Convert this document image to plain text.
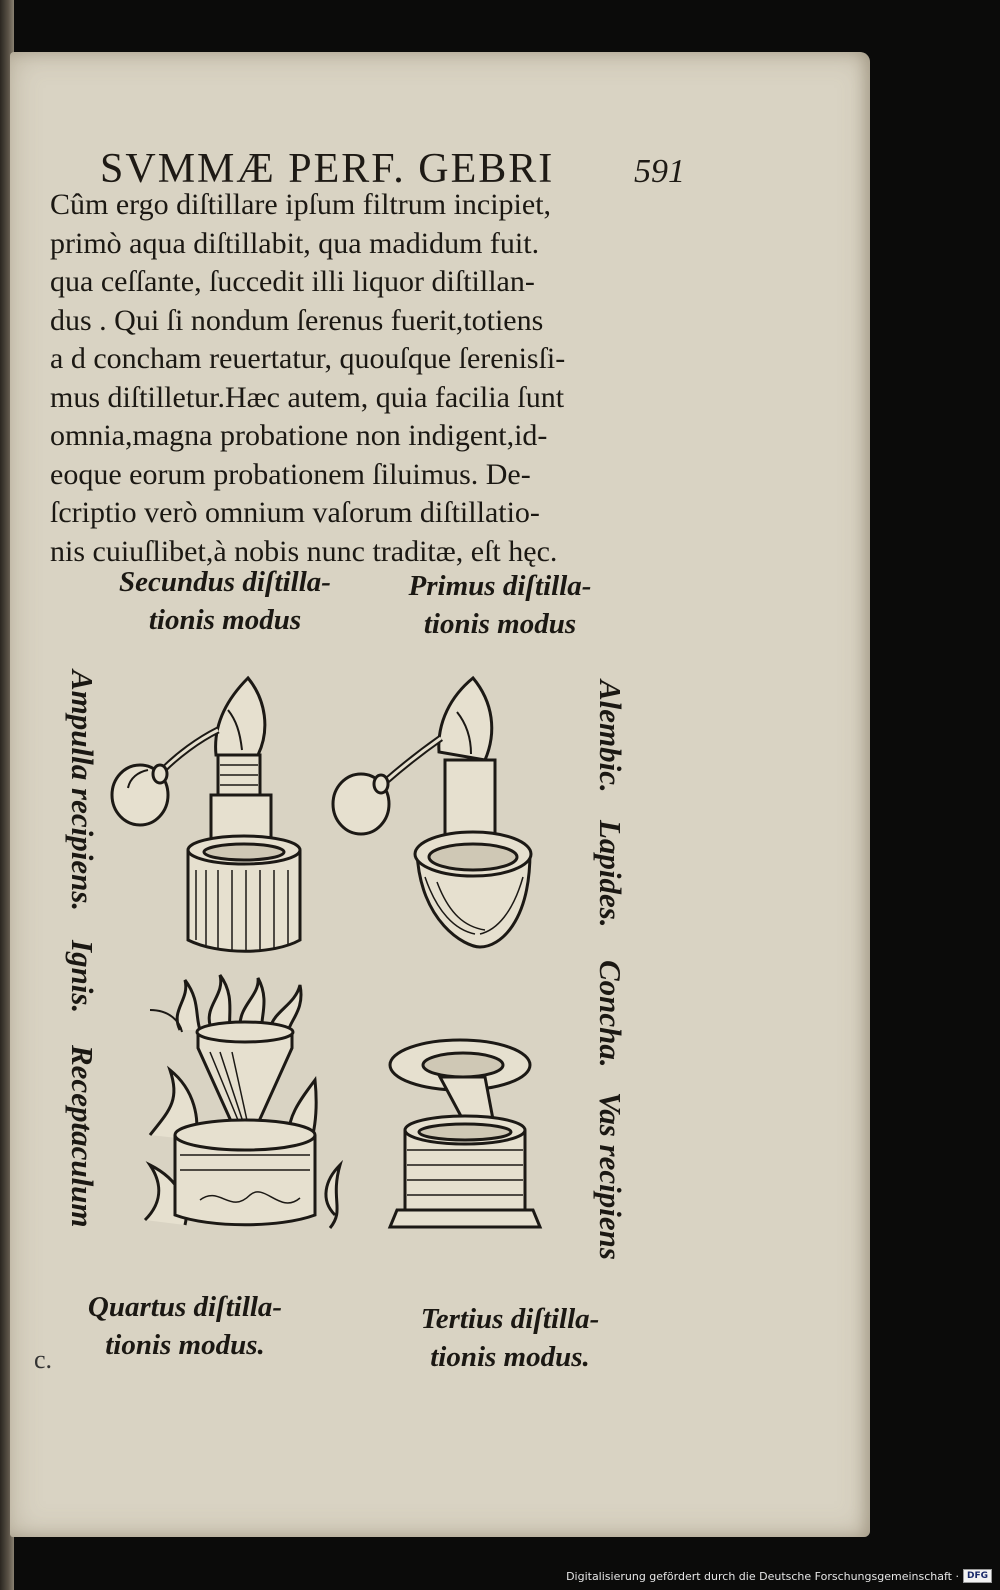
SVMMÆ PERF. GEBRI 591
Cûm ergo diſtillare ipſum filtrum incipiet,
primò aqua diſtillabit, qua madidum fuit.
qua ceſſante, ſuccedit illi liquor diſtillan-
dus . Qui ſi nondum ſerenus fuerit,totiens
a d concham reuertatur, quouſque ſerenisſi-
mus diſtilletur.Hæc autem, quia facilia ſunt
omnia,magna probatione non indigent,id-
eoque eorum probationem ſiluimus. De-
ſcriptio verò omnium vaſorum diſtillatio-
nis cuiuſlibet,à nobis nunc traditæ, eſt hęc.
Secundus diſtilla-
tionis modus
Primus diſtilla-
tionis modus
Quartus diſtilla-
tionis modus.
Tertius diſtilla-
tionis modus.
Ampulla recipiens.
Ignis.
Receptaculum
Alembic.
Lapides.
Concha.
Vas recipiens
c.
Digitalisierung gefördert durch die Deutsche Forschungsgemeinschaft · DFG
